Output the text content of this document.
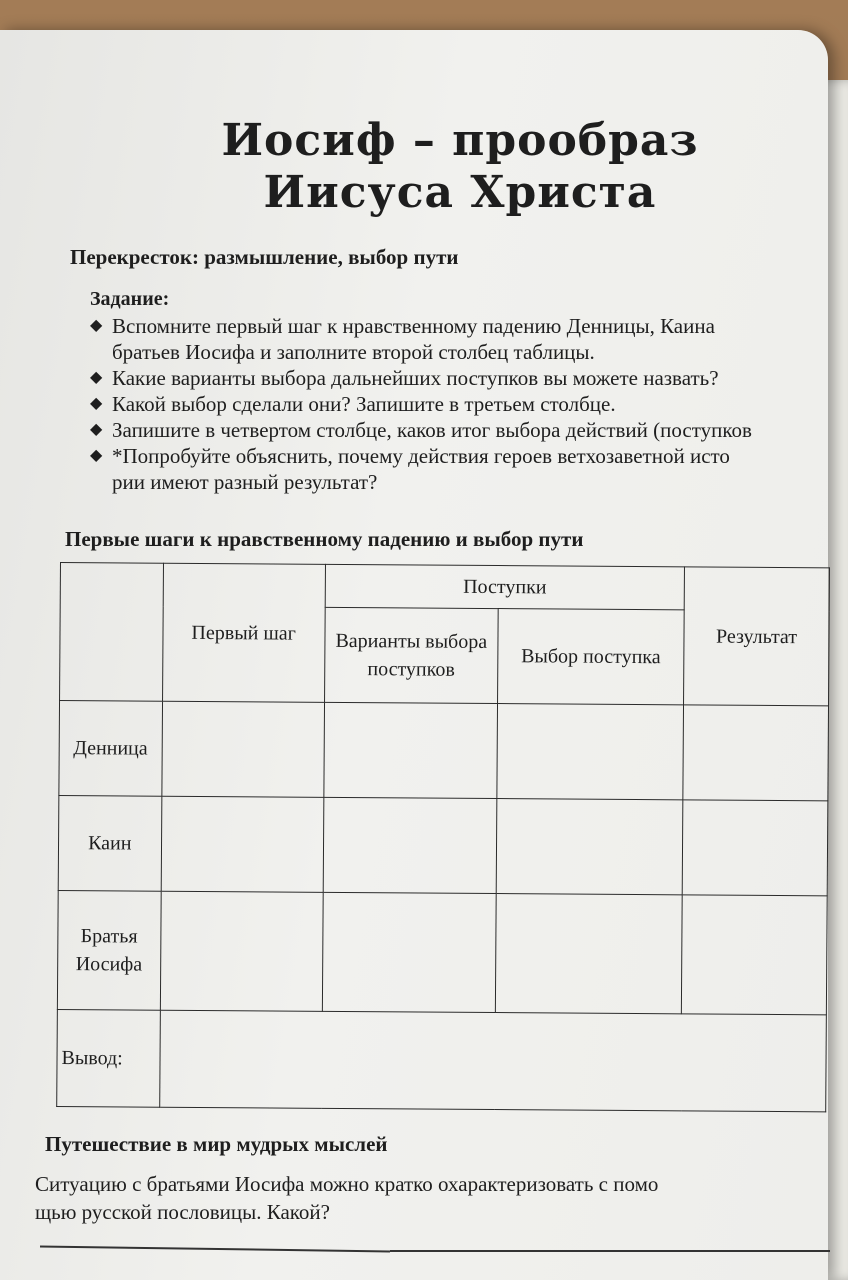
Иосиф – прообраз
Иисуса Христа
Перекресток: размышление, выбор пути
Задание:
◆ Вспомните первый шаг к нравственному падению Денницы, Каина
братьев Иосифа и заполните второй столбец таблицы.
◆ Какие варианты выбора дальнейших поступков вы можете назвать?
◆ Какой выбор сделали они? Запишите в третьем столбце.
◆ Запишите в четвертом столбце, каков итог выбора действий (поступков
◆ *Попробуйте объяснить, почему действия героев ветхозаветной исто
рии имеют разный результат?
Первые шаги к нравственному падению и выбор пути
	Первый шаг	Поступки		Результат
		Варианты выбора поступков	Выбор поступка	
Денница				
Каин				
Братья Иосифа				
Вывод:				
Путешествие в мир мудрых мыслей
Ситуацию с братьями Иосифа можно кратко охарактеризовать с помо
щью русской пословицы. Какой?
